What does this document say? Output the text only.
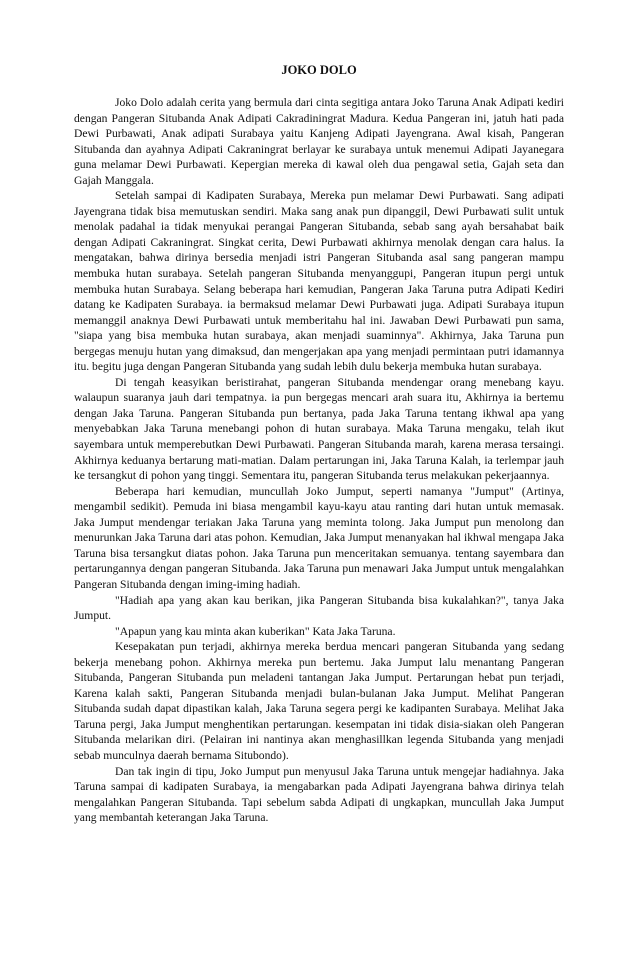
JOKO DOLO

Joko Dolo adalah cerita yang bermula dari cinta segitiga antara Joko Taruna Anak Adipati kediri dengan Pangeran Situbanda Anak Adipati Cakradiningrat Madura. Kedua Pangeran ini, jatuh hati pada Dewi Purbawati, Anak adipati Surabaya yaitu Kanjeng Adipati Jayengrana. Awal kisah, Pangeran Situbanda dan ayahnya Adipati Cakraningrat berlayar ke surabaya untuk menemui Adipati Jayanegara guna melamar Dewi Purbawati. Kepergian mereka di kawal oleh dua pengawal setia, Gajah seta dan Gajah Manggala.

Setelah sampai di Kadipaten Surabaya, Mereka pun melamar Dewi Purbawati. Sang adipati Jayengrana tidak bisa memutuskan sendiri. Maka sang anak pun dipanggil, Dewi Purbawati sulit untuk menolak padahal ia tidak menyukai perangai Pangeran Situbanda, sebab sang ayah bersahabat baik dengan Adipati Cakraningrat. Singkat cerita, Dewi Purbawati akhirnya menolak dengan cara halus. Ia mengatakan, bahwa dirinya bersedia menjadi istri Pangeran Situbanda asal sang pangeran mampu membuka hutan surabaya. Setelah pangeran Situbanda menyanggupi, Pangeran itupun pergi untuk membuka hutan Surabaya. Selang beberapa hari kemudian, Pangeran Jaka Taruna putra Adipati Kediri datang ke Kadipaten Surabaya. ia bermaksud melamar Dewi Purbawati juga. Adipati Surabaya itupun memanggil anaknya Dewi Purbawati untuk memberitahu hal ini. Jawaban Dewi Purbawati pun sama, "siapa yang bisa membuka hutan surabaya, akan menjadi suaminnya". Akhirnya, Jaka Taruna pun bergegas menuju hutan yang dimaksud, dan mengerjakan apa yang menjadi permintaan putri idamannya itu. begitu juga dengan Pangeran Situbanda yang sudah lebih dulu bekerja membuka hutan surabaya.

Di tengah keasyikan beristirahat, pangeran Situbanda mendengar orang menebang kayu. walaupun suaranya jauh dari tempatnya. ia pun bergegas mencari arah suara itu, Akhirnya ia bertemu dengan Jaka Taruna. Pangeran Situbanda pun bertanya, pada Jaka Taruna tentang ikhwal apa yang menyebabkan Jaka Taruna menebangi pohon di hutan surabaya. Maka Taruna mengaku, telah ikut sayembara untuk memperebutkan Dewi Purbawati. Pangeran Situbanda marah, karena merasa tersaingi. Akhirnya keduanya bertarung mati-matian. Dalam pertarungan ini, Jaka Taruna Kalah, ia terlempar jauh ke tersangkut di pohon yang tinggi. Sementara itu, pangeran Situbanda terus melakukan pekerjaannya.

Beberapa hari kemudian, muncullah Joko Jumput, seperti namanya "Jumput" (Artinya, mengambil sedikit). Pemuda ini biasa mengambil kayu-kayu atau ranting dari hutan untuk memasak. Jaka Jumput mendengar teriakan Jaka Taruna yang meminta tolong. Jaka Jumput pun menolong dan menurunkan Jaka Taruna dari atas pohon. Kemudian, Jaka Jumput menanyakan hal ikhwal mengapa Jaka Taruna bisa tersangkut diatas pohon. Jaka Taruna pun menceritakan semuanya. tentang sayembara dan pertarungannya dengan pangeran Situbanda. Jaka Taruna pun menawari Jaka Jumput untuk mengalahkan Pangeran Situbanda dengan iming-iming hadiah.

"Hadiah apa yang akan kau berikan, jika Pangeran Situbanda bisa kukalahkan?", tanya Jaka Jumput.

"Apapun yang kau minta akan kuberikan" Kata Jaka Taruna.

Kesepakatan pun terjadi, akhirnya mereka berdua mencari pangeran Situbanda yang sedang bekerja menebang pohon. Akhirnya mereka pun bertemu. Jaka Jumput lalu menantang Pangeran Situbanda, Pangeran Situbanda pun meladeni tantangan Jaka Jumput. Pertarungan hebat pun terjadi, Karena kalah sakti, Pangeran Situbanda menjadi bulan-bulanan Jaka Jumput. Melihat Pangeran Situbanda sudah dapat dipastikan kalah, Jaka Taruna segera pergi ke kadipanten Surabaya. Melihat Jaka Taruna pergi, Jaka Jumput menghentikan pertarungan. kesempatan ini tidak disia-siakan oleh Pangeran Situbanda melarikan diri. (Pelairan ini nantinya akan menghasillkan legenda Situbanda yang menjadi sebab munculnya daerah bernama Situbondo).

Dan tak ingin di tipu, Joko Jumput pun menyusul Jaka Taruna untuk mengejar hadiahnya. Jaka Taruna sampai di kadipaten Surabaya, ia mengabarkan pada Adipati Jayengrana bahwa dirinya telah mengalahkan Pangeran Situbanda. Tapi sebelum sabda Adipati di ungkapkan, muncullah Jaka Jumput yang membantah keterangan Jaka Taruna.
